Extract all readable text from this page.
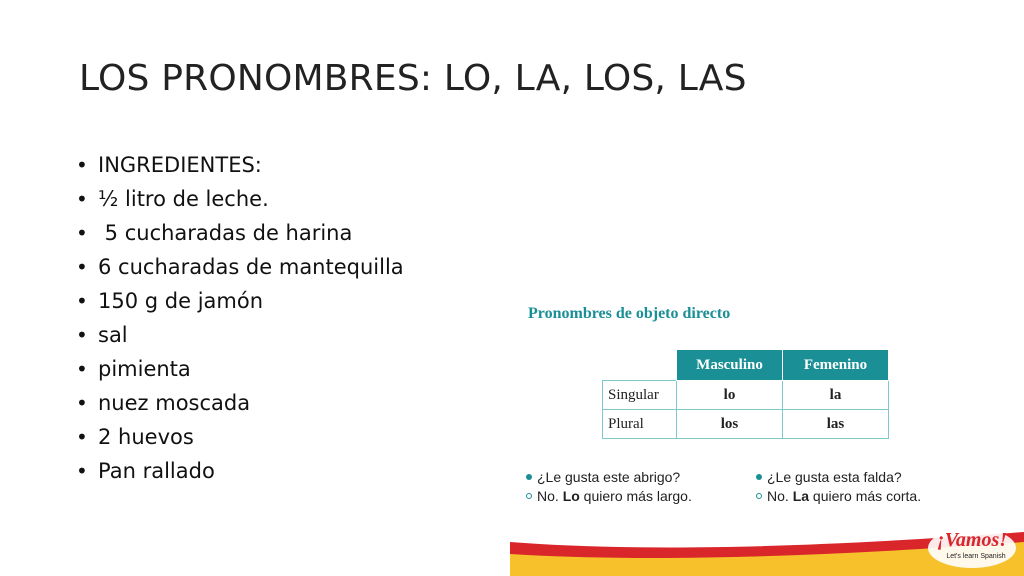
LOS PRONOMBRES: LO, LA, LOS, LAS
• INGREDIENTES:
• ½ litro de leche.
•  5 cucharadas de harina
• 6 cucharadas de mantequilla
• 150 g de jamón
• sal
• pimienta
• nuez moscada
• 2 huevos
• Pan rallado
Pronombres de objeto directo
	Masculino	Femenino
Singular	lo	la
Plural	los	las
¿Le gusta este abrigo?
No. Lo quiero más largo.
¿Le gusta esta falda?
No. La quiero más corta.
¡Vamos!
Let's learn Spanish
